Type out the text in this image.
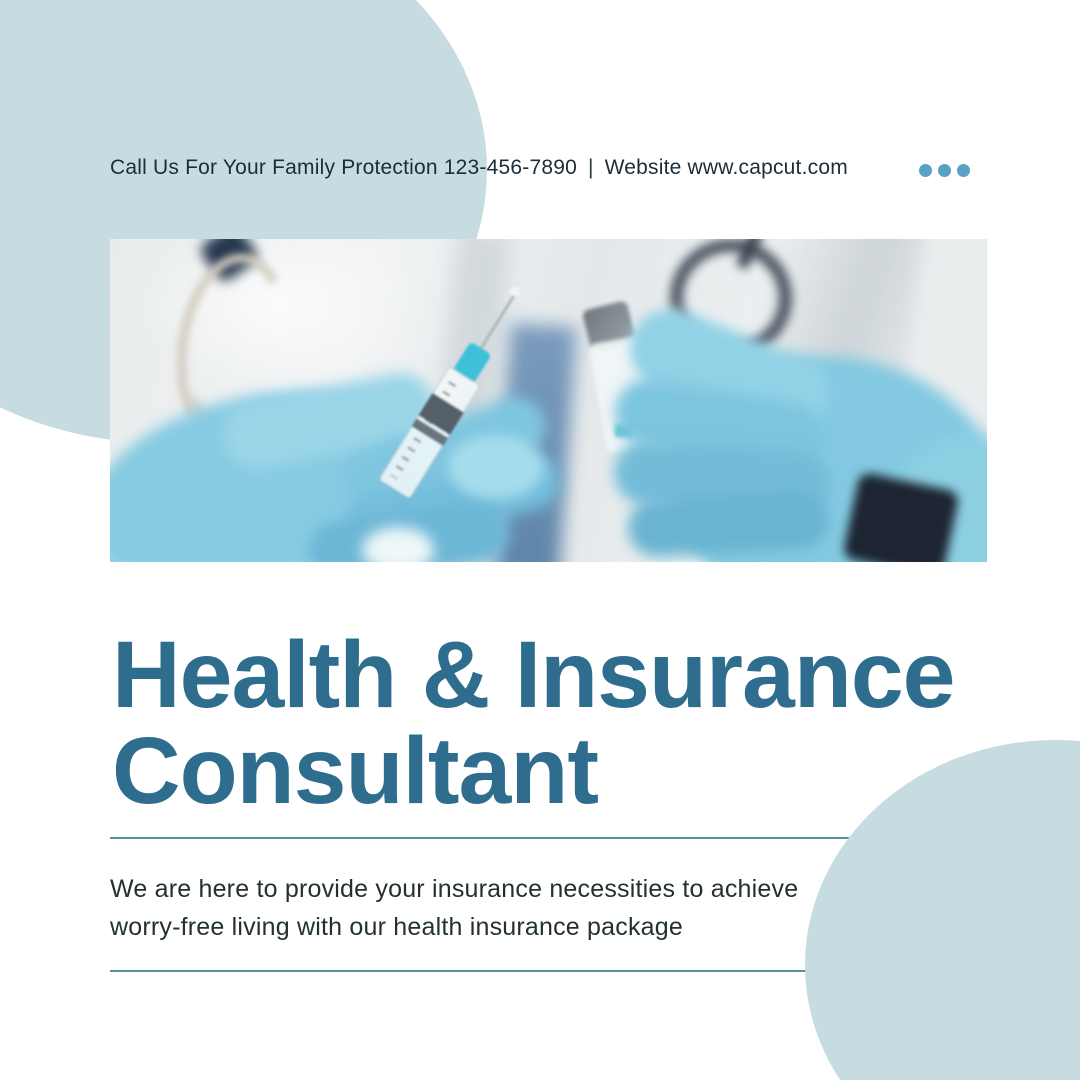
Call Us For Your Family Protection 123-456-7890 | Website www.capcut.com
Health & Insurance
Consultant
We are here to provide your insurance necessities to achieve
worry-free living with our health insurance package
